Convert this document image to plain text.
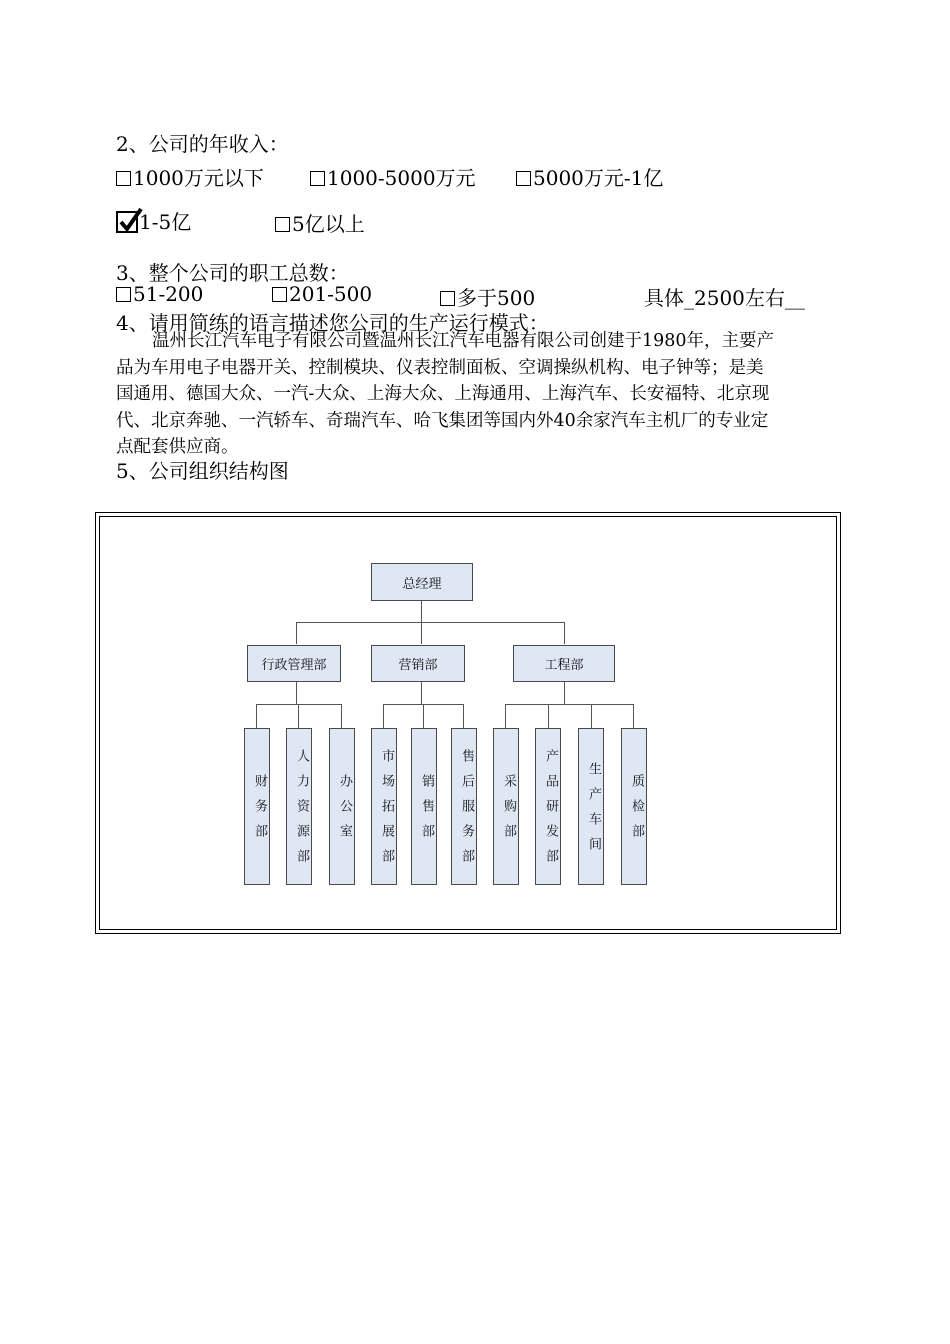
2、公司的年收入：
1000万元以下	1000-5000万元	5000万元-1亿
1-5亿	5亿以上
3、整个公司的职工总数：
51-200	201-500	多于500	具体_2500左右__
4、请用简练的语言描述您公司的生产运行模式：
温州长江汽车电子有限公司暨温州长江汽车电器有限公司创建于1980年，主要产
品为车用电子电器开关、控制模块、仪表控制面板、空调操纵机构、电子钟等；是美
国通用、德国大众、一汽-大众、上海大众、上海通用、上海汽车、长安福特、北京现
代、北京奔驰、一汽轿车、奇瑞汽车、哈飞集团等国内外40余家汽车主机厂的专业定
点配套供应商。
5、公司组织结构图
总经理
行政管理部	营销部	工程部
财务部	人力资源部	办公室	市场拓展部	销售部	售后服务部	采购部	产品研发部	生产车间	质检部
